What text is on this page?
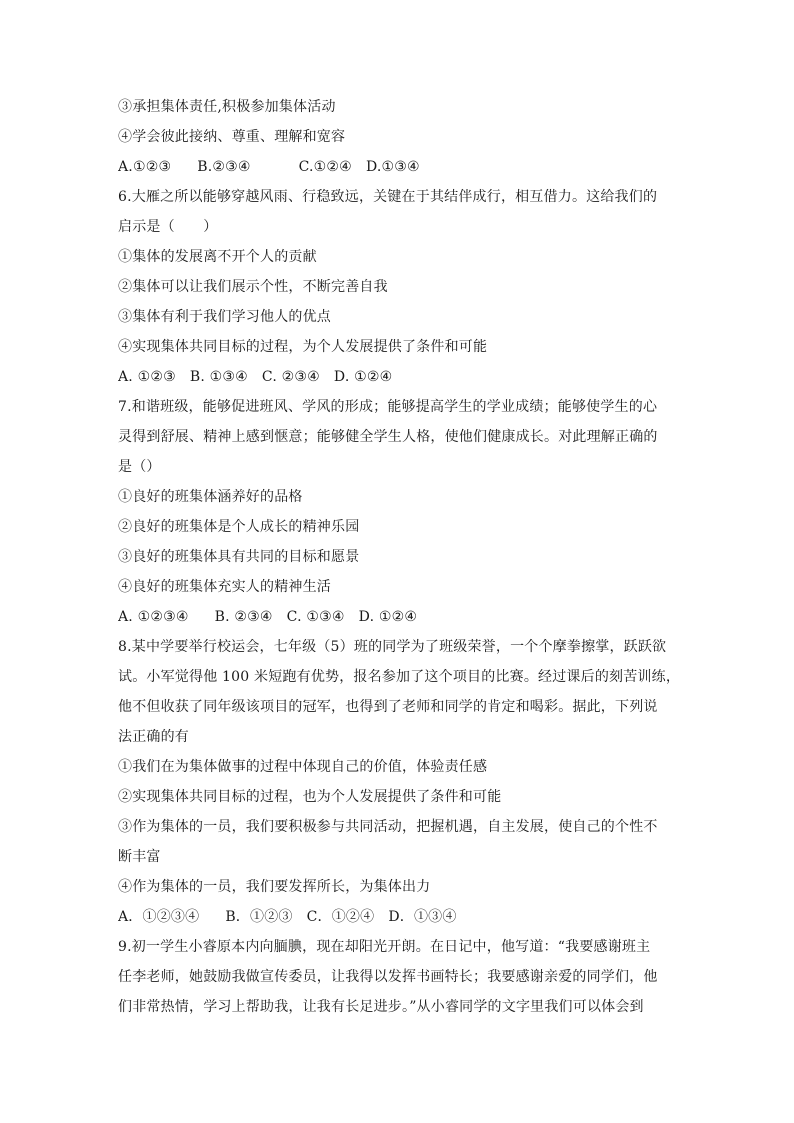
③承担集体责任,积极参加集体活动
④学会彼此接纳、尊重、理解和宽容
A.①②③ B.②③④	C.①②④ D.①③④
6.大雁之所以能够穿越风雨、行稳致远，关键在于其结伴成行，相互借力。这给我们的
启示是（　　）
①集体的发展离不开个人的贡献
②集体可以让我们展示个性，不断完善自我
③集体有利于我们学习他人的优点
④实现集体共同目标的过程，为个人发展提供了条件和可能
A. ①②③ B. ①③④ C. ②③④ D. ①②④
7.和谐班级，能够促进班风、学风的形成；能够提高学生的学业成绩；能够使学生的心
灵得到舒展、精神上感到惬意；能够健全学生人格，使他们健康成长。对此理解正确的
是（）
①良好的班集体涵养好的品格
②良好的班集体是个人成长的精神乐园
③良好的班集体具有共同的目标和愿景
④良好的班集体充实人的精神生活
A. ①②③④ B. ②③④ C. ①③④ D. ①②④
8.某中学要举行校运会，七年级（5）班的同学为了班级荣誉，一个个摩拳擦掌，跃跃欲
试。小军觉得他 100 米短跑有优势，报名参加了这个项目的比赛。经过课后的刻苦训练，
他不但收获了同年级该项目的冠军，也得到了老师和同学的肯定和喝彩。据此，下列说
法正确的有
①我们在为集体做事的过程中体现自己的价值，体验责任感
②实现集体共同目标的过程，也为个人发展提供了条件和可能
③作为集体的一员，我们要积极参与共同活动，把握机遇，自主发展，使自己的个性不
断丰富
④作为集体的一员，我们要发挥所长，为集体出力
A．①②③④ B．①②③ C．①②④ D．①③④
9.初一学生小睿原本内向腼腆，现在却阳光开朗。在日记中，他写道：“我要感谢班主
任李老师，她鼓励我做宣传委员，让我得以发挥书画特长；我要感谢亲爱的同学们，他
们非常热情，学习上帮助我，让我有长足进步。”从小睿同学的文字里我们可以体会到
